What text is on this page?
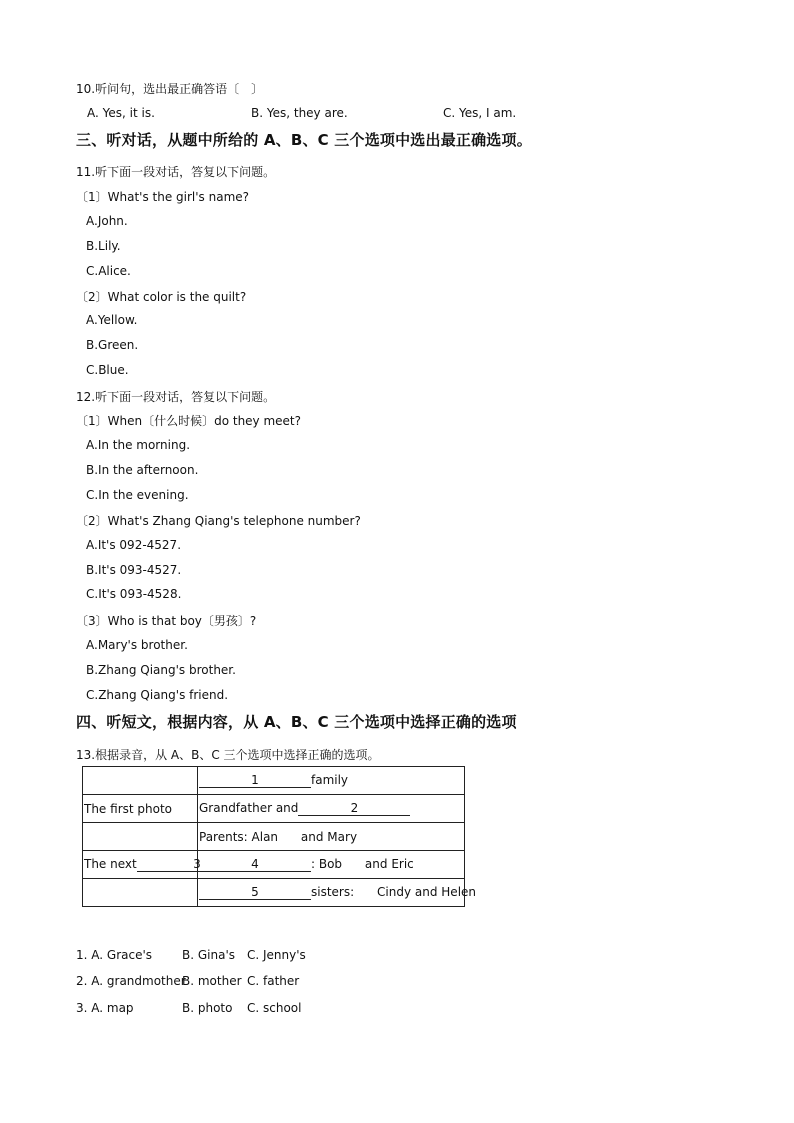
10.听问句，选出最正确答语〔　〕
A. Yes, it is.	B. Yes, they are.	C. Yes, I am.
三、听对话，从题中所给的 A、B、C 三个选项中选出最正确选项。
11.听下面一段对话，答复以下问题。
〔1〕What's the girl's name?
A.John.
B.Lily.
C.Alice.
〔2〕What color is the quilt?
A.Yellow.
B.Green.
C.Blue.
12.听下面一段对话，答复以下问题。
〔1〕When〔什么时候〕do they meet?
A.In the morning.
B.In the afternoon.
C.In the evening.
〔2〕What's Zhang Qiang's telephone number?
A.It's 092-4527.
B.It's 093-4527.
C.It's 093-4528.
〔3〕Who is that boy〔男孩〕?
A.Mary's brother.
B.Zhang Qiang's brother.
C.Zhang Qiang's friend.
四、听短文，根据内容，从 A、B、C 三个选项中选择正确的选项
13.根据录音，从 A、B、C 三个选项中选择正确的选项。
	1 family
The first photo	Grandfather and 2
	Parents: Alan      and Mary
The next 3	4 : Bob      and Eric
	5 sisters:      Cindy and Helen
1. A. Grace's B. Gina's C. Jenny's
2. A. grandmother
B. mother C. father
3. A. map	B. photo C. school
